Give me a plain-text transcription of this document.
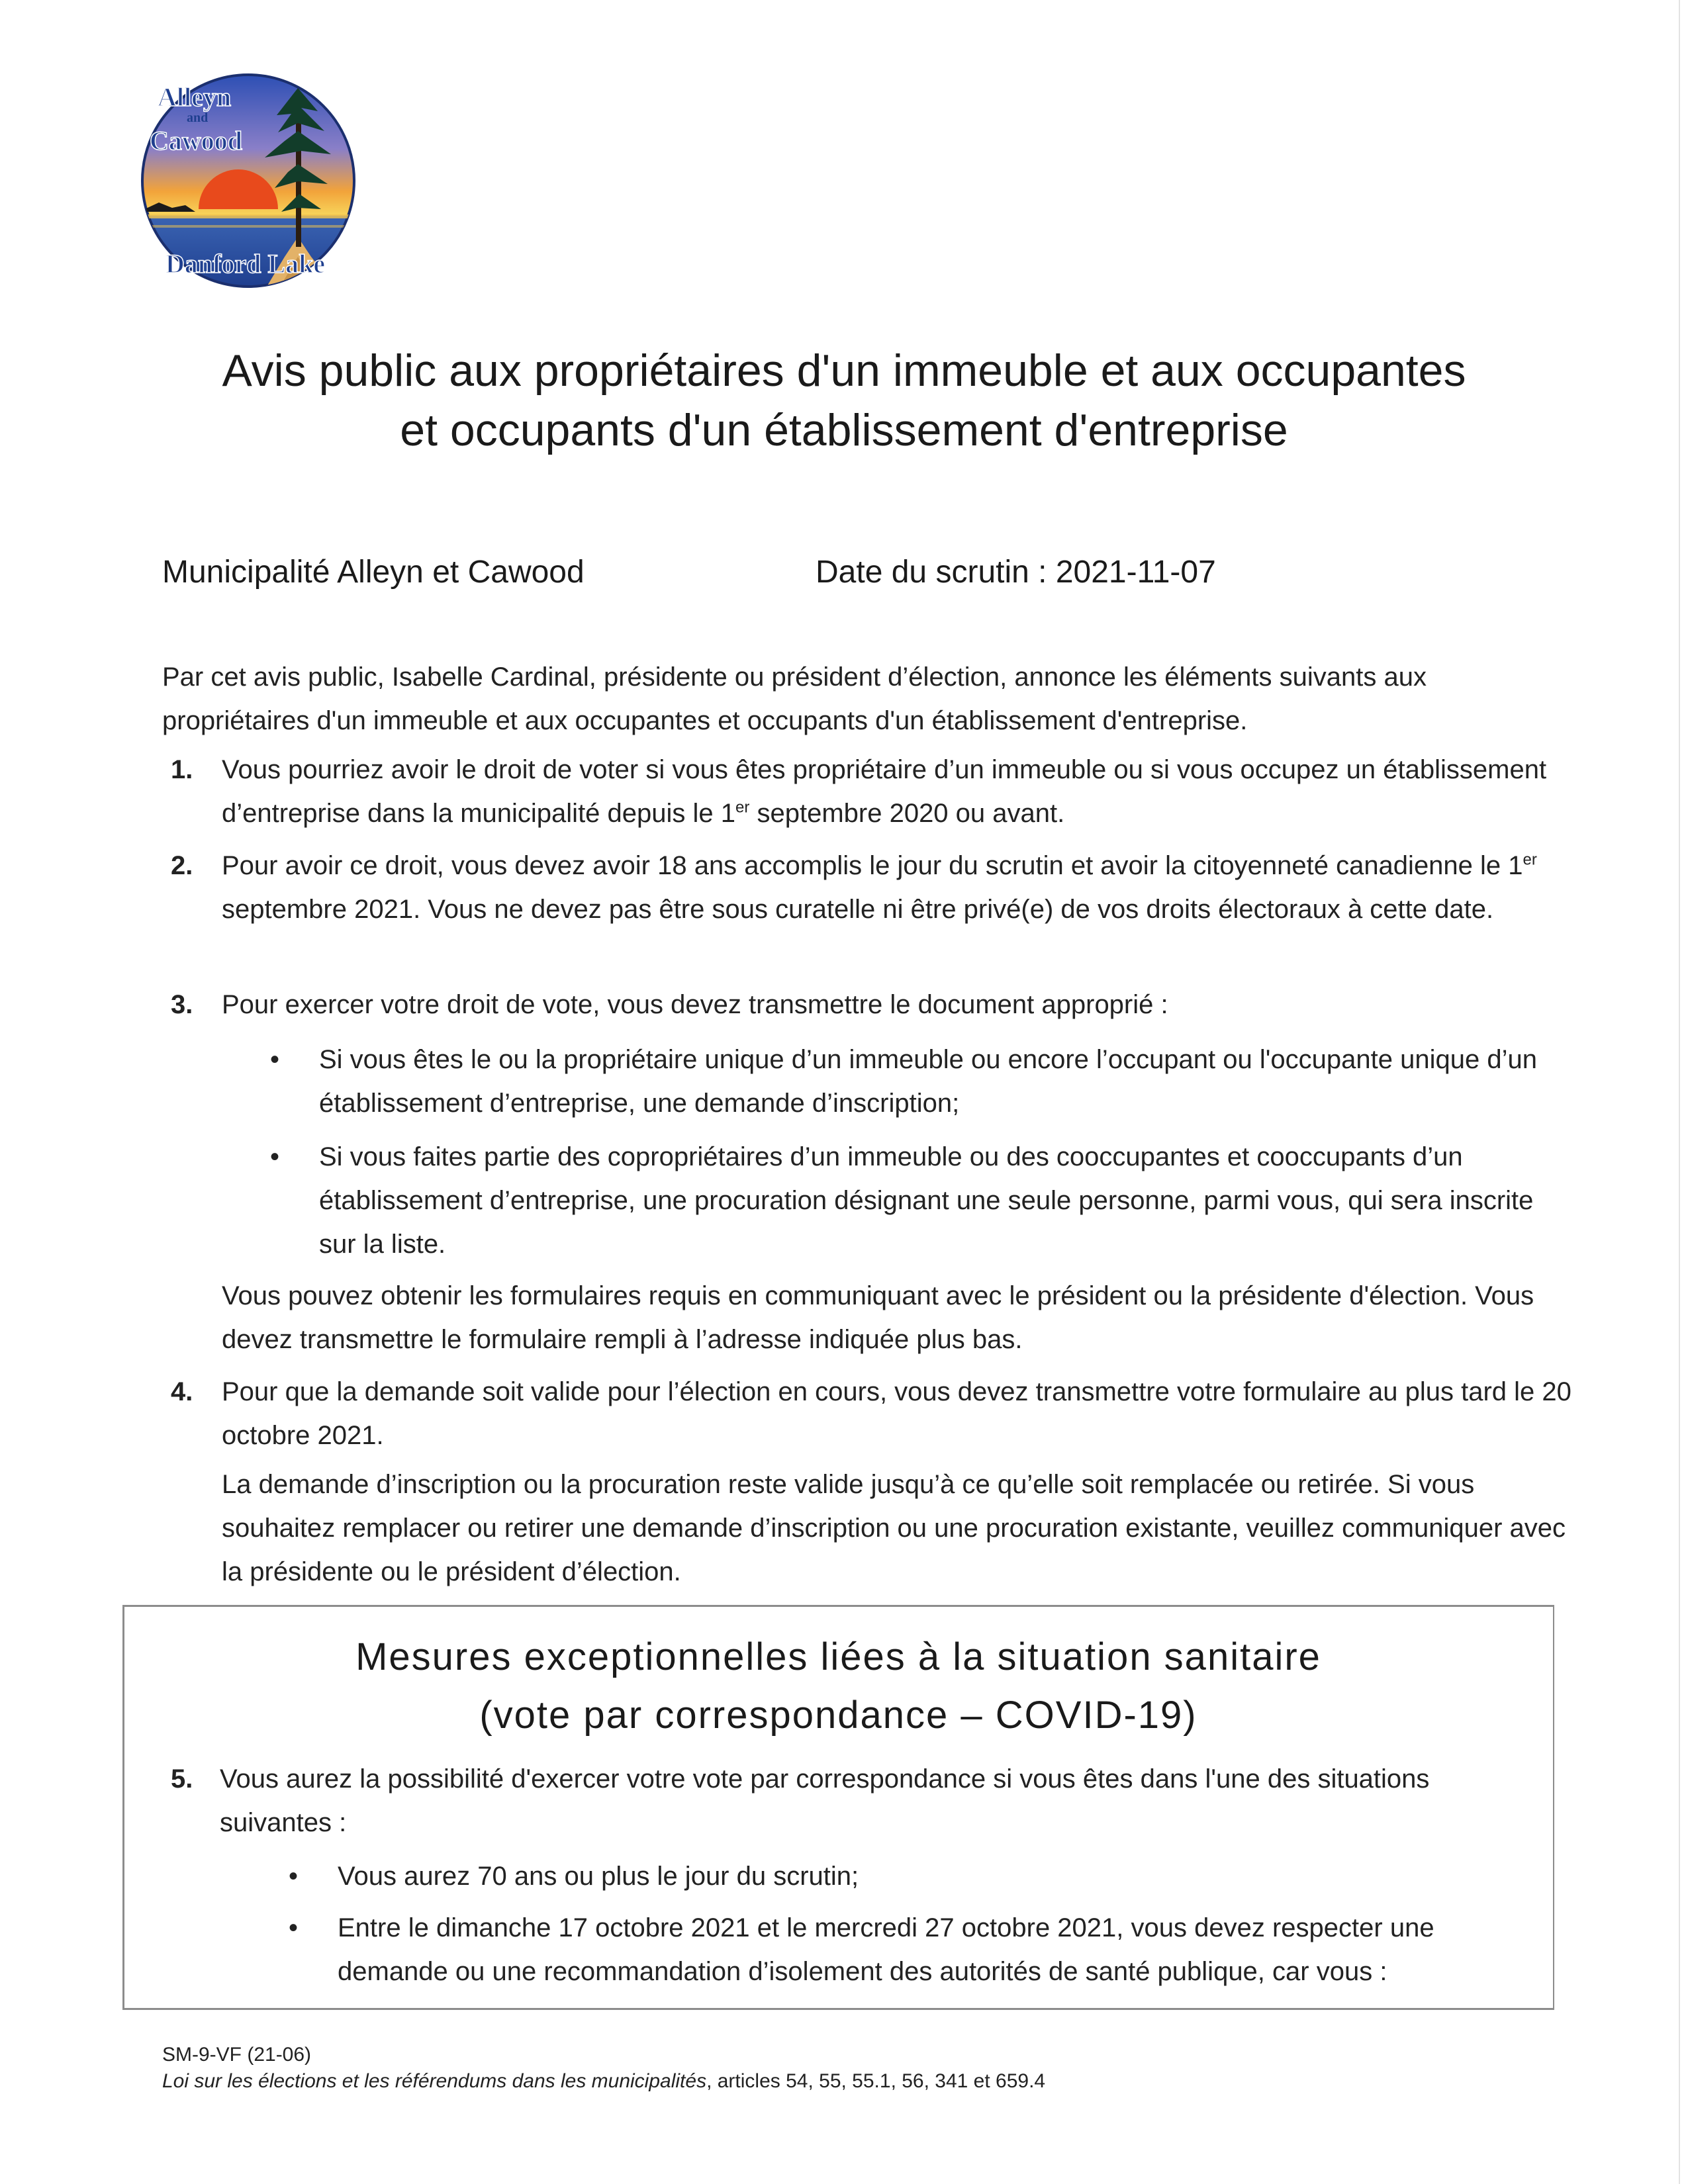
Alleyn
and
Cawood
Danford Lake
Avis public aux propriétaires d'un immeuble et aux occupantes
et occupants d'un établissement d'entreprise
Municipalité Alleyn et Cawood	Date du scrutin : 2021-11-07
Par cet avis public, Isabelle Cardinal, présidente ou président d’élection, annonce les éléments suivants aux propriétaires d'un immeuble et aux occupantes et occupants d'un établissement d'entreprise.
1.	Vous pourriez avoir le droit de voter si vous êtes propriétaire d’un immeuble ou si vous occupez un établissement d’entreprise dans la municipalité depuis le 1er septembre 2020 ou avant.
2.	Pour avoir ce droit, vous devez avoir 18 ans accomplis le jour du scrutin et avoir la citoyenneté canadienne le 1er septembre 2021. Vous ne devez pas être sous curatelle ni être privé(e) de vos droits électoraux à cette date.
3.	Pour exercer votre droit de vote, vous devez transmettre le document approprié :
• Si vous êtes le ou la propriétaire unique d’un immeuble ou encore l’occupant ou l'occupante unique d’un établissement d’entreprise, une demande d’inscription;
• Si vous faites partie des copropriétaires d’un immeuble ou des cooccupantes et cooccupants d’un établissement d’entreprise, une procuration désignant une seule personne, parmi vous, qui sera inscrite sur la liste.
Vous pouvez obtenir les formulaires requis en communiquant avec le président ou la présidente d'élection. Vous devez transmettre le formulaire rempli à l’adresse indiquée plus bas.
4.	Pour que la demande soit valide pour l’élection en cours, vous devez transmettre votre formulaire au plus tard le 20 octobre 2021.
La demande d’inscription ou la procuration reste valide jusqu’à ce qu’elle soit remplacée ou retirée. Si vous souhaitez remplacer ou retirer une demande d’inscription ou une procuration existante, veuillez communiquer avec la présidente ou le président d’élection.
Mesures exceptionnelles liées à la situation sanitaire
(vote par correspondance – COVID-19)
5.	Vous aurez la possibilité d'exercer votre vote par correspondance si vous êtes dans l'une des situations suivantes :
• Vous aurez 70 ans ou plus le jour du scrutin;
• Entre le dimanche 17 octobre 2021 et le mercredi 27 octobre 2021, vous devez respecter une demande ou une recommandation d’isolement des autorités de santé publique, car vous :
SM-9-VF (21-06)
Loi sur les élections et les référendums dans les municipalités, articles 54, 55, 55.1, 56, 341 et 659.4
